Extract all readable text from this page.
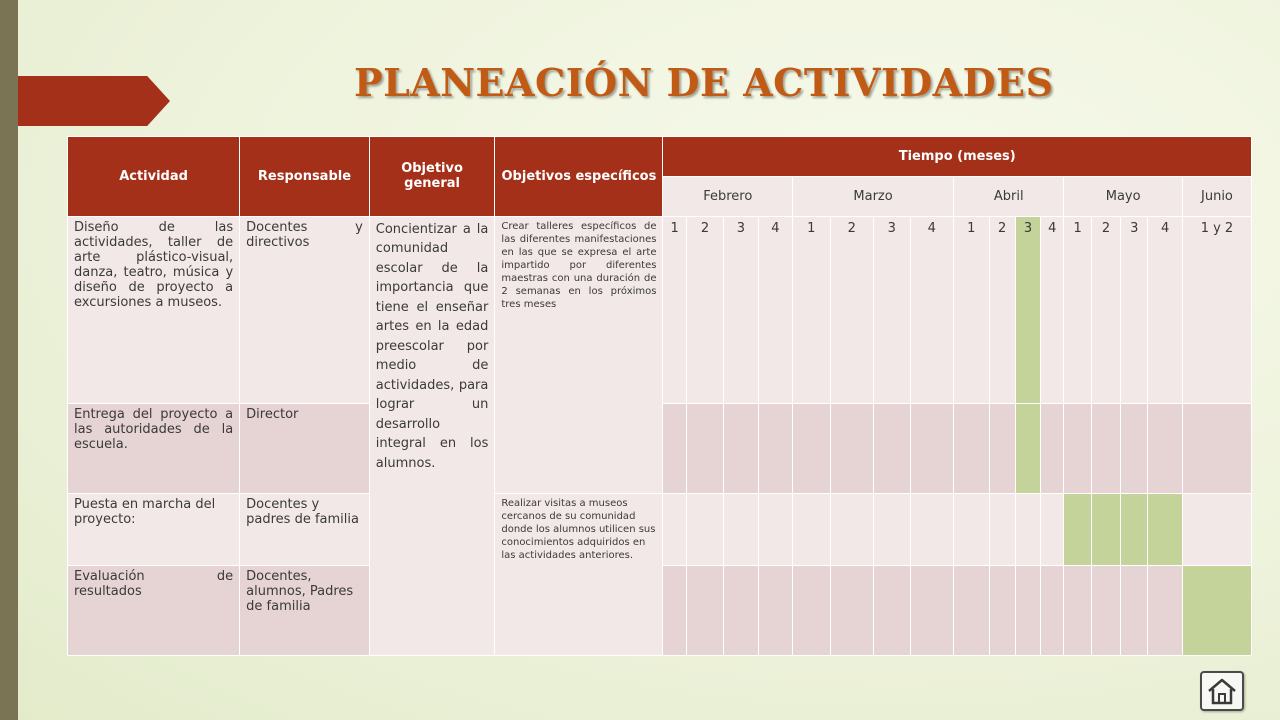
PLANEACIÓN DE ACTIVIDADES
Actividad	Responsable	Objetivo general	Objetivos específicos	Tiempo (meses)																
				Febrero				Marzo				Abril				Mayo				Junio
Diseño de las actividades, taller de arte plástico-visual, danza, teatro, música y diseño de proyecto a excursiones a museos.	Docentes y directivos	Concientizar a la comunidad escolar de la importancia que tiene el enseñar artes en la edad preescolar por medio de actividades, para lograr un desarrollo integral en los alumnos.	Crear talleres específicos de las diferentes manifestaciones en las que se expresa el arte impartido por diferentes maestras con una duración de 2 semanas en los próximos tres meses	1	2	3	4	1	2	3	4	1	2	3	4	1	2	3	4	1 y 2
Entrega del proyecto a las autoridades de la escuela.	Director																			
Puesta en marcha del proyecto:	Docentes y padres de familia		Realizar visitas a museos cercanos de su comunidad donde los alumnos utilicen sus conocimientos adquiridos en las actividades anteriores.																	
Evaluación de resultados	Docentes, alumnos, Padres de familia																			
